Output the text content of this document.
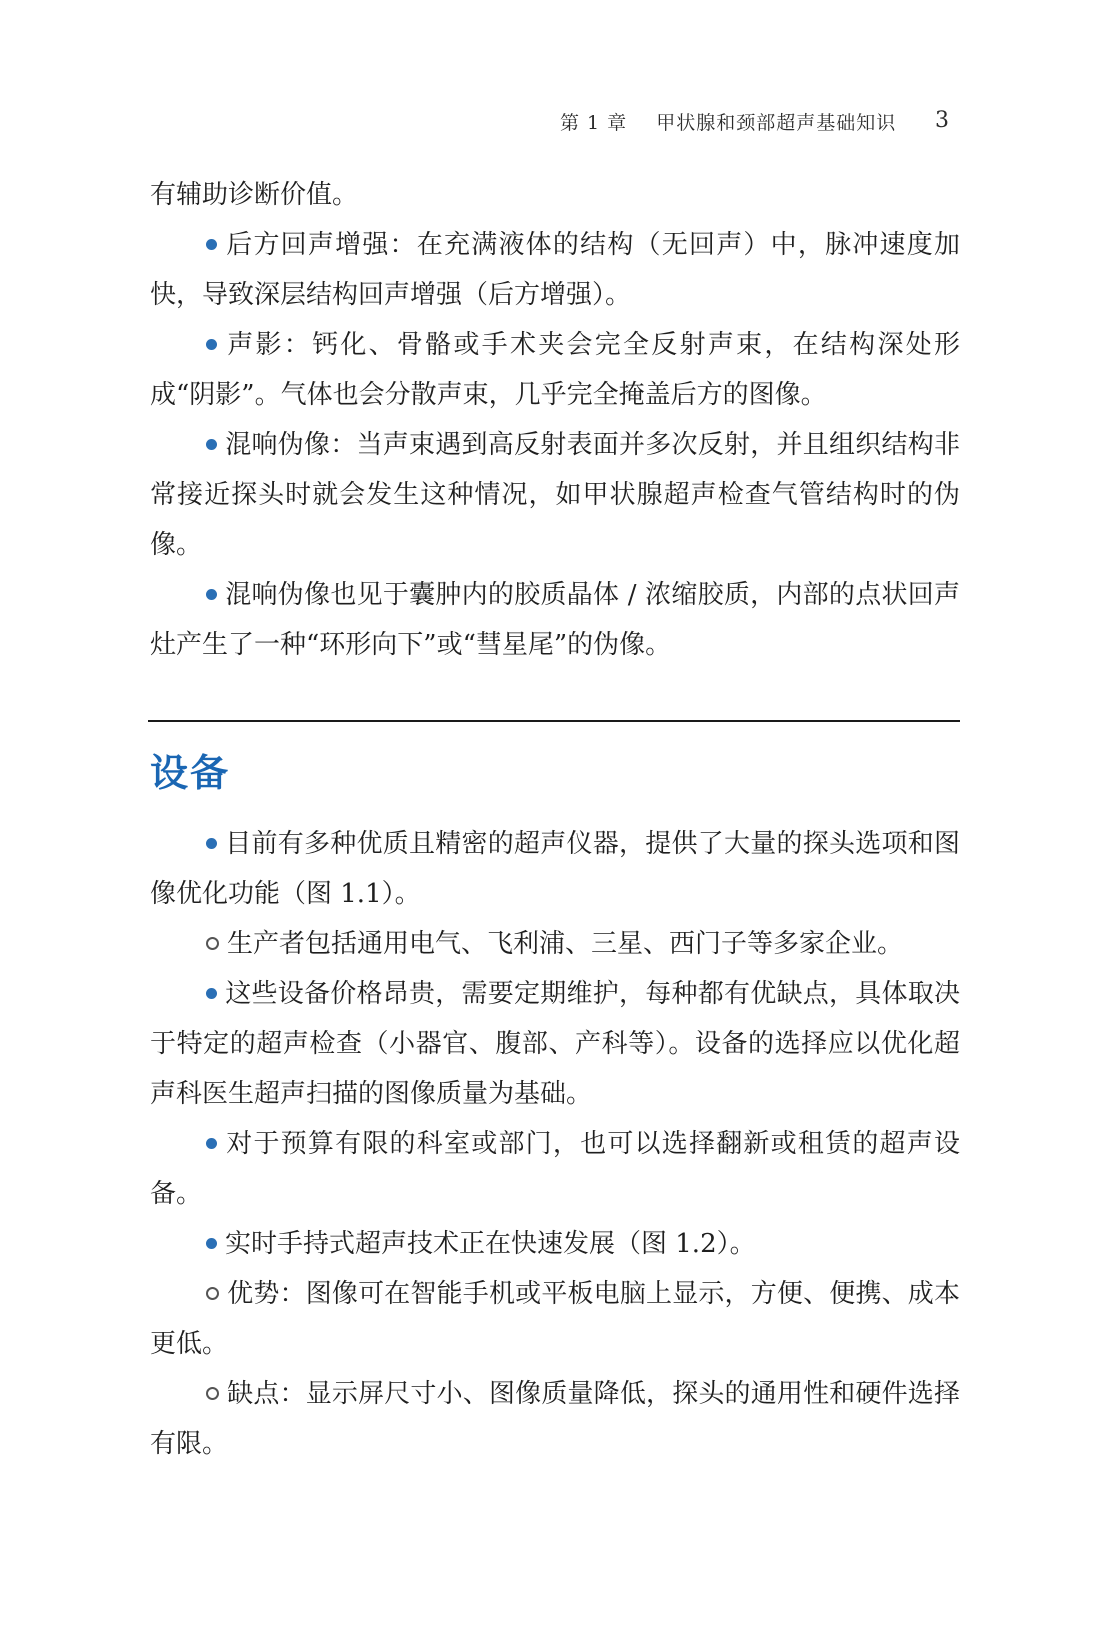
第 1 章 甲状腺和颈部超声基础知识 3

有辅助诊断价值。

后方回声增强：在充满液体的结构（无回声）中，脉冲速度加快，导致深层结构回声增强（后方增强）。

声影：钙化、骨骼或手术夹会完全反射声束，在结构深处形成“阴影”。气体也会分散声束，几乎完全掩盖后方的图像。

混响伪像：当声束遇到高反射表面并多次反射，并且组织结构非常接近探头时就会发生这种情况，如甲状腺超声检查气管结构时的伪像。

混响伪像也见于囊肿内的胶质晶体 / 浓缩胶质，内部的点状回声灶产生了一种“环形向下”或“彗星尾”的伪像。

设备

目前有多种优质且精密的超声仪器，提供了大量的探头选项和图像优化功能（图 1.1）。

生产者包括通用电气、飞利浦、三星、西门子等多家企业。

这些设备价格昂贵，需要定期维护，每种都有优缺点，具体取决于特定的超声检查（小器官、腹部、产科等）。设备的选择应以优化超声科医生超声扫描的图像质量为基础。

对于预算有限的科室或部门，也可以选择翻新或租赁的超声设备。

实时手持式超声技术正在快速发展（图 1.2）。

优势：图像可在智能手机或平板电脑上显示，方便、便携、成本更低。

缺点：显示屏尺寸小、图像质量降低，探头的通用性和硬件选择有限。
